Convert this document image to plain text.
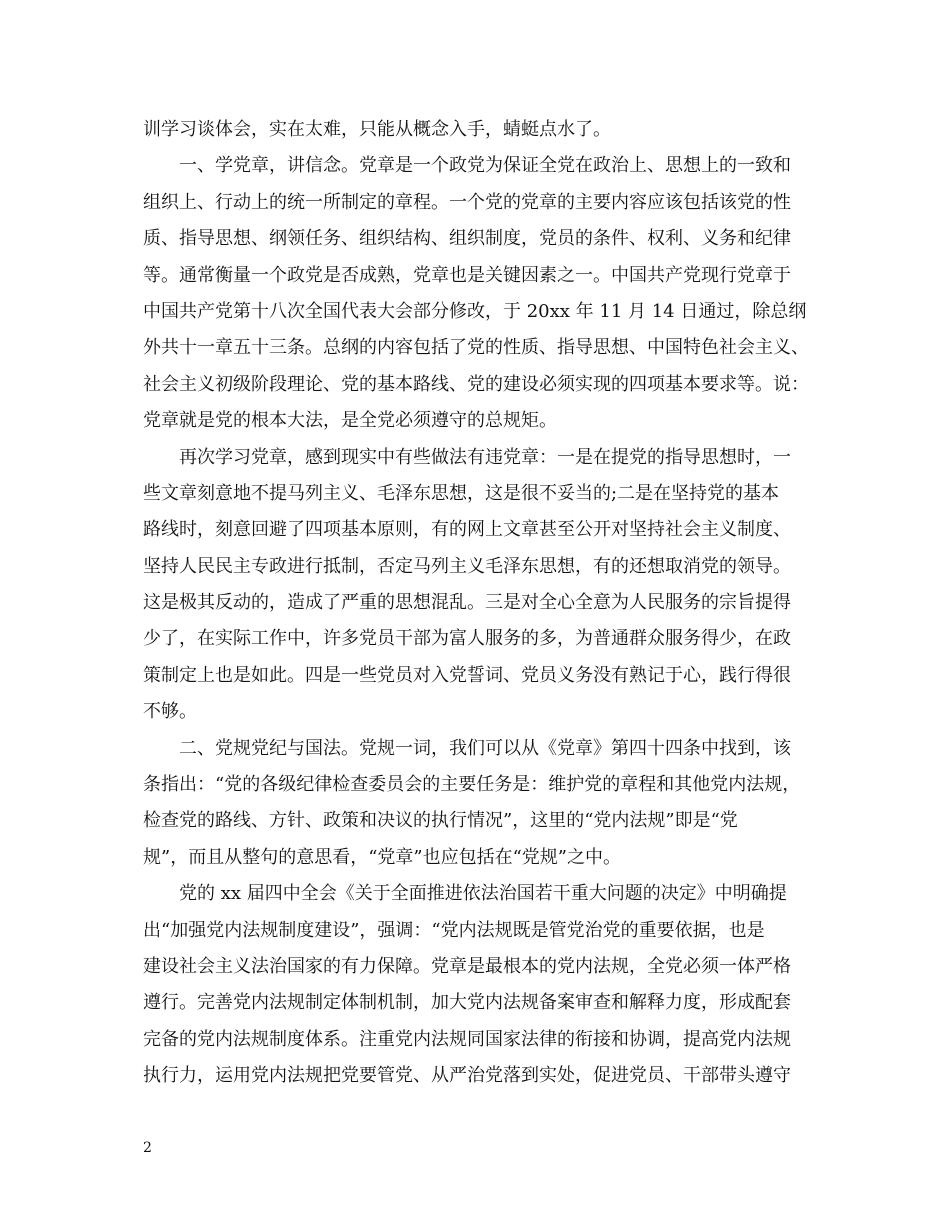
训学习谈体会，实在太难，只能从概念入手，蜻蜓点水了。
一、学党章，讲信念。党章是一个政党为保证全党在政治上、思想上的一致和
组织上、行动上的统一所制定的章程。一个党的党章的主要内容应该包括该党的性
质、指导思想、纲领任务、组织结构、组织制度，党员的条件、权利、义务和纪律
等。通常衡量一个政党是否成熟，党章也是关键因素之一。中国共产党现行党章于
中国共产党第十八次全国代表大会部分修改，于 20xx 年 11 月 14 日通过，除总纲
外共十一章五十三条。总纲的内容包括了党的性质、指导思想、中国特色社会主义、
社会主义初级阶段理论、党的基本路线、党的建设必须实现的四项基本要求等。说：
党章就是党的根本大法，是全党必须遵守的总规矩。
再次学习党章，感到现实中有些做法有违党章：一是在提党的指导思想时，一
些文章刻意地不提马列主义、毛泽东思想，这是很不妥当的;二是在坚持党的基本
路线时，刻意回避了四项基本原则，有的网上文章甚至公开对坚持社会主义制度、
坚持人民民主专政进行抵制，否定马列主义毛泽东思想，有的还想取消党的领导。
这是极其反动的，造成了严重的思想混乱。三是对全心全意为人民服务的宗旨提得
少了，在实际工作中，许多党员干部为富人服务的多，为普通群众服务得少，在政
策制定上也是如此。四是一些党员对入党誓词、党员义务没有熟记于心，践行得很
不够。
二、党规党纪与国法。党规一词，我们可以从《党章》第四十四条中找到，该
条指出：“党的各级纪律检查委员会的主要任务是：维护党的章程和其他党内法规，
检查党的路线、方针、政策和决议的执行情况”，这里的“党内法规”即是“党
规”，而且从整句的意思看，“党章”也应包括在“党规”之中。
党的 xx 届四中全会《关于全面推进依法治国若干重大问题的决定》中明确提
出“加强党内法规制度建设”，强调：“党内法规既是管党治党的重要依据，也是
建设社会主义法治国家的有力保障。党章是最根本的党内法规，全党必须一体严格
遵行。完善党内法规制定体制机制，加大党内法规备案审查和解释力度，形成配套
完备的党内法规制度体系。注重党内法规同国家法律的衔接和协调，提高党内法规
执行力，运用党内法规把党要管党、从严治党落到实处，促进党员、干部带头遵守
2
